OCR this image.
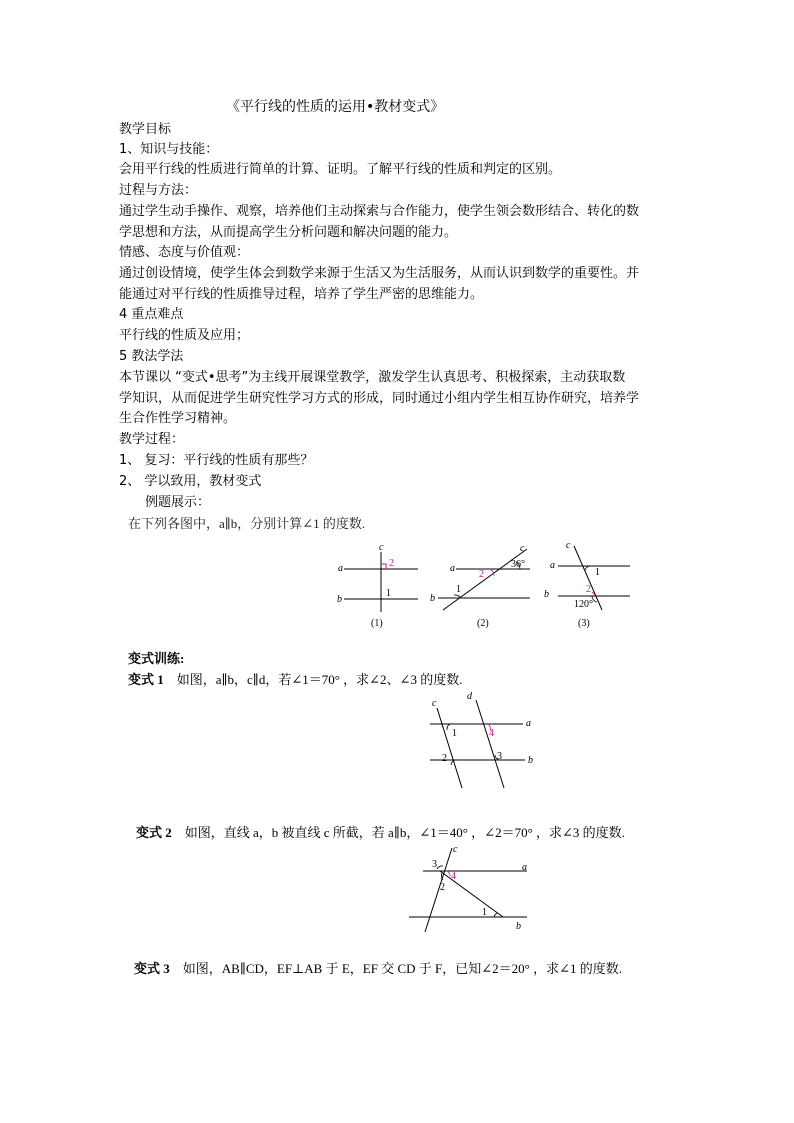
《平行线的性质的运用•教材变式》
教学目标
1、知识与技能：
会用平行线的性质进行简单的计算、证明。了解平行线的性质和判定的区别。
过程与方法：
通过学生动手操作、观察，培养他们主动探索与合作能力，使学生领会数形结合、转化的数
学思想和方法，从而提高学生分析问题和解决问题的能力。
情感、态度与价值观：
通过创设情境，使学生体会到数学来源于生活又为生活服务，从而认识到数学的重要性。并
能通过对平行线的性质推导过程，培养了学生严密的思维能力。
4 重点难点
平行线的性质及应用；
5 教法学法
本节课以 “变式•思考”为主线开展课堂教学，激发学生认真思考、积极探索，主动获取数
学知识，从而促进学生研究性学习方式的形成，同时通过小组内学生相互协作研究，培养学
生合作性学习精神。
教学过程：
1、 复习：平行线的性质有那些？
2、 学以致用，教材变式
例题展示：
在下列各图中，a∥b，分别计算∠1 的度数.
a
b
c
2
1
(1)
a
b
c
36°
2
1
(2)
a
b
c
1
2
120°
(3)
变式训练:
变式 1 如图，a∥b，c∥d，若∠1＝70° ，求∠2、∠3 的度数.
c
d
a
b
1	4
2	3
变式 2 如图，直线 a，b 被直线 c 所截，若 a∥b，∠1＝40° ，∠2＝70° ，求∠3 的度数.
c
a
b
3
4
2
1
变式 3 如图，AB∥CD，EF⊥AB 于 E，EF 交 CD 于 F，已知∠2＝20° ，求∠1 的度数.
